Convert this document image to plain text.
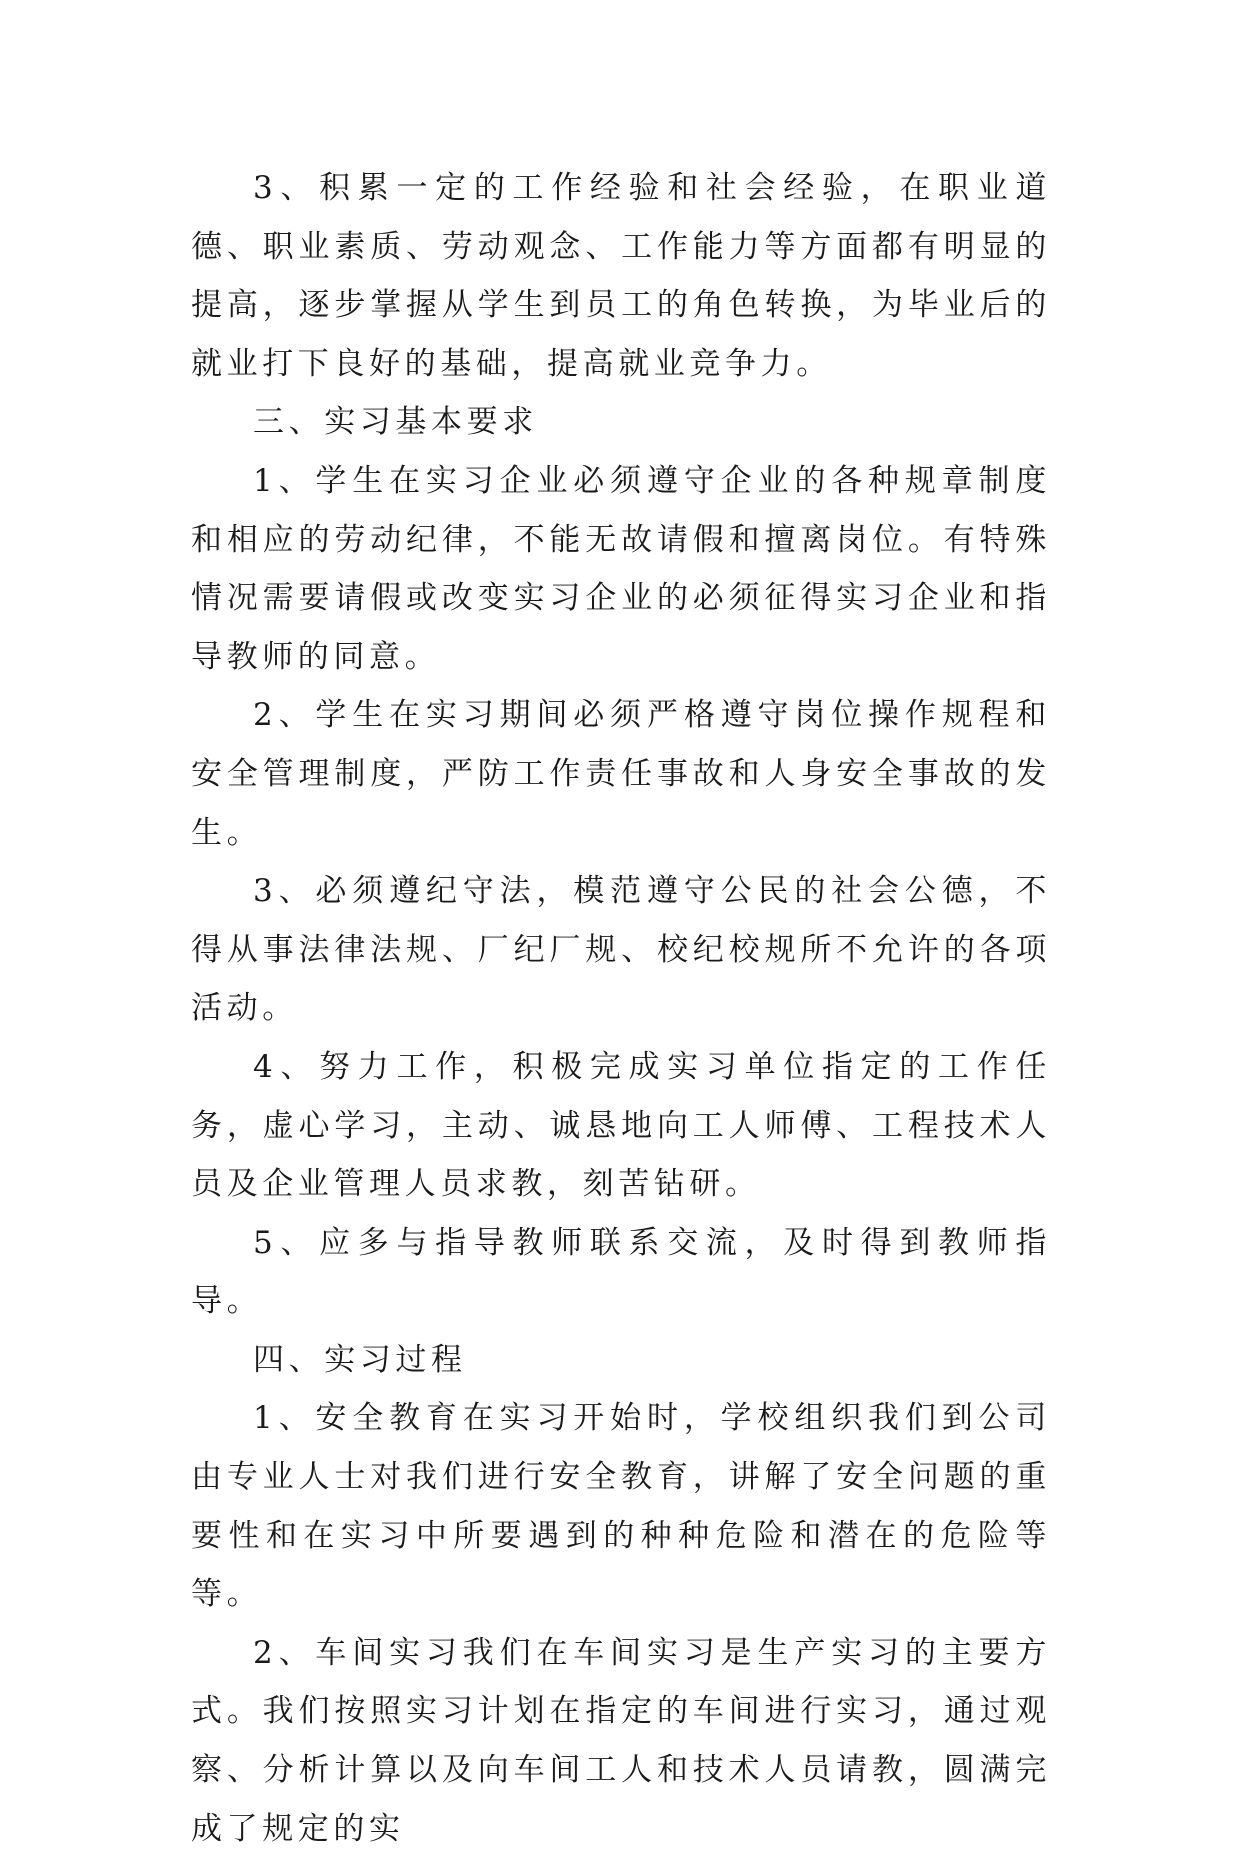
3、积累一定的工作经验和社会经验，在职业道德、职业素质、劳动观念、工作能力等方面都有明显的提高，逐步掌握从学生到员工的角色转换，为毕业后的就业打下良好的基础，提高就业竞争力。

三、实习基本要求

1、学生在实习企业必须遵守企业的各种规章制度和相应的劳动纪律，不能无故请假和擅离岗位。有特殊情况需要请假或改变实习企业的必须征得实习企业和指导教师的同意。

2、学生在实习期间必须严格遵守岗位操作规程和安全管理制度，严防工作责任事故和人身安全事故的发生。

3、必须遵纪守法，模范遵守公民的社会公德，不得从事法律法规、厂纪厂规、校纪校规所不允许的各项活动。

4、努力工作，积极完成实习单位指定的工作任务，虚心学习，主动、诚恳地向工人师傅、工程技术人员及企业管理人员求教，刻苦钻研。

5、应多与指导教师联系交流，及时得到教师指导。

四、实习过程

1、安全教育在实习开始时，学校组织我们到公司由专业人士对我们进行安全教育，讲解了安全问题的重要性和在实习中所要遇到的种种危险和潜在的危险等等。

2、车间实习我们在车间实习是生产实习的主要方式。我们按照实习计划在指定的车间进行实习，通过观察、分析计算以及向车间工人和技术人员请教，圆满完成了规定的实
